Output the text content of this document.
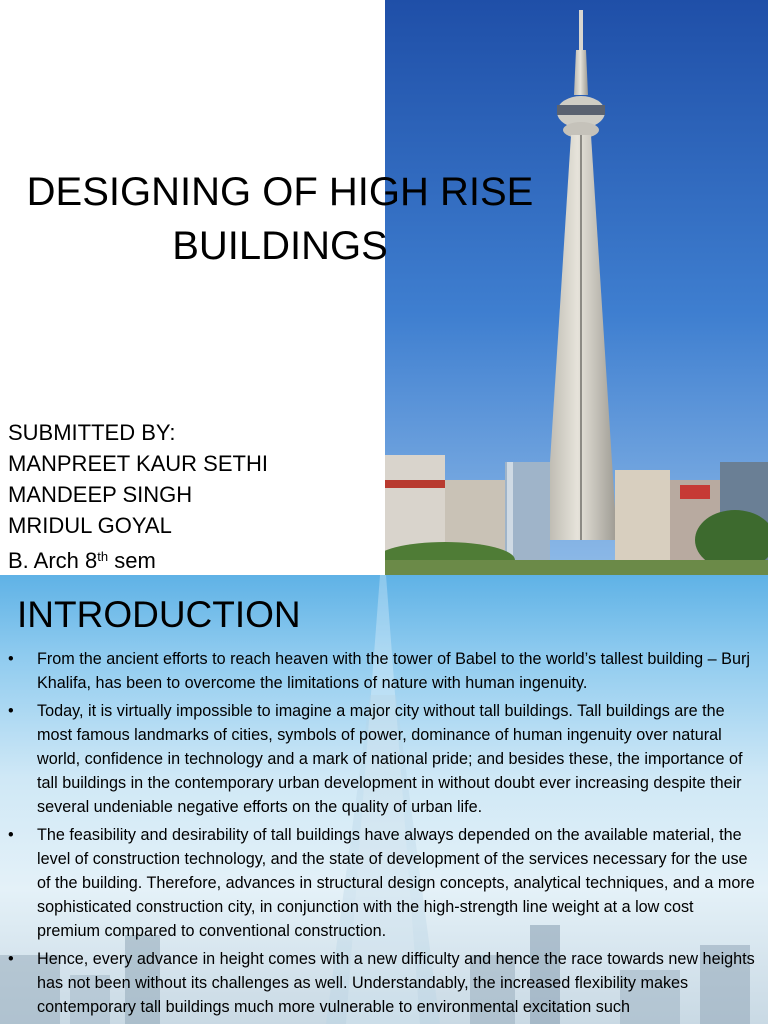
DESIGNING OF HIGH RISE
BUILDINGS
SUBMITTED BY:
MANPREET KAUR SETHI
MANDEEP SINGH
MRIDUL GOYAL
B. Arch 8th sem
INTRODUCTION
• From the ancient efforts to reach heaven with the tower of Babel to the world’s tallest building – Burj Khalifa, has been to overcome the limitations of nature with human ingenuity.
• Today, it is virtually impossible to imagine a major city without tall buildings. Tall buildings are the most famous landmarks of cities, symbols of power, dominance of human ingenuity over natural world, confidence in technology and a mark of national pride; and besides these, the importance of tall buildings in the contemporary urban development in without doubt ever increasing despite their several undeniable negative efforts on the quality of urban life.
• The feasibility and desirability of tall buildings have always depended on the available material, the level of construction technology, and the state of development of the services necessary for the use of the building. Therefore, advances in structural design concepts, analytical techniques, and a more sophisticated construction city, in conjunction with the high-strength line weight at a low cost premium compared to conventional construction.
• Hence, every advance in height comes with a new difficulty and hence the race towards new heights has not been without its challenges as well. Understandably, the increased flexibility makes contemporary tall buildings much more vulnerable to environmental excitation such
